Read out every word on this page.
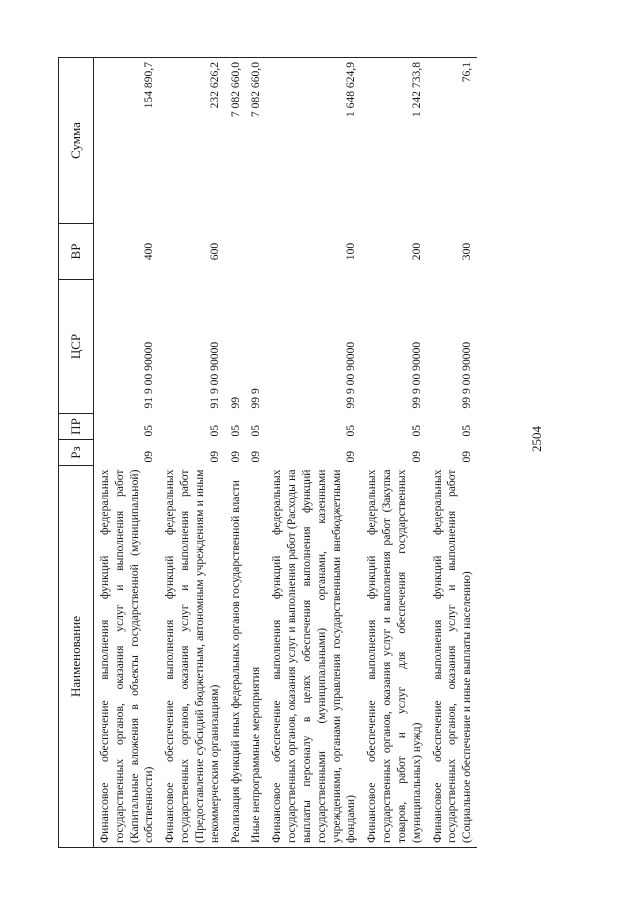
2504
Наименование	Рз	ПР	ЦСР	ВР	Сумма
Финансовое обеспечение выполнения функций федеральных государственных органов, оказания услуг и выполнения работ (Капитальные вложения в объекты государственной (муниципальной) собственности)	09	05	91 9 00 90000	400	154 890,7
Финансовое обеспечение выполнения функций федеральных государственных органов, оказания услуг и выполнения работ (Предоставление субсидий бюджетным, автономным учреждениям и иным некоммерческим организациям)	09	05	91 9 00 90000	600	232 626,2
Реализация функций иных федеральных органов государственной власти	09	05	99		7 082 660,0
Иные непрограммные мероприятия	09	05	99 9		7 082 660,0
Финансовое обеспечение выполнения функций федеральных государственных органов, оказания услуг и выполнения работ (Расходы на выплаты персоналу в целях обеспечения выполнения функций государственными (муниципальными) органами, казенными учреждениями, органами управления государственными внебюджетными фондами)	09	05	99 9 00 90000	100	1 648 624,9
Финансовое обеспечение выполнения функций федеральных государственных органов, оказания услуг и выполнения работ (Закупка товаров, работ и услуг для обеспечения государственных (муниципальных) нужд)	09	05	99 9 00 90000	200	1 242 733,8
Финансовое обеспечение выполнения функций федеральных государственных органов, оказания услуг и выполнения работ (Социальное обеспечение и иные выплаты населению)	09	05	99 9 00 90000	300	76,1
